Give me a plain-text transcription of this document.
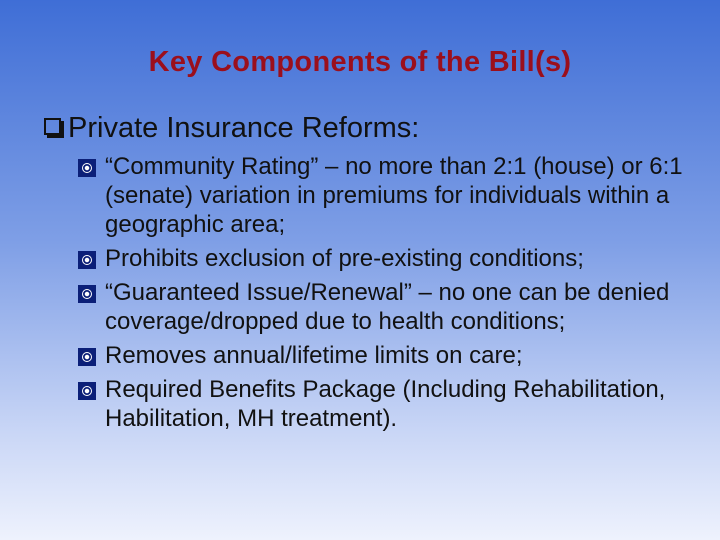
Key Components of the Bill(s)
Private Insurance Reforms:
“Community Rating” – no more than 2:1 (house) or 6:1 (senate) variation in premiums for individuals within a geographic area;
Prohibits exclusion of pre-existing conditions;
“Guaranteed Issue/Renewal” – no one can be denied coverage/dropped due to health conditions;
Removes annual/lifetime limits on care;
Required Benefits Package (Including Rehabilitation, Habilitation, MH treatment).
